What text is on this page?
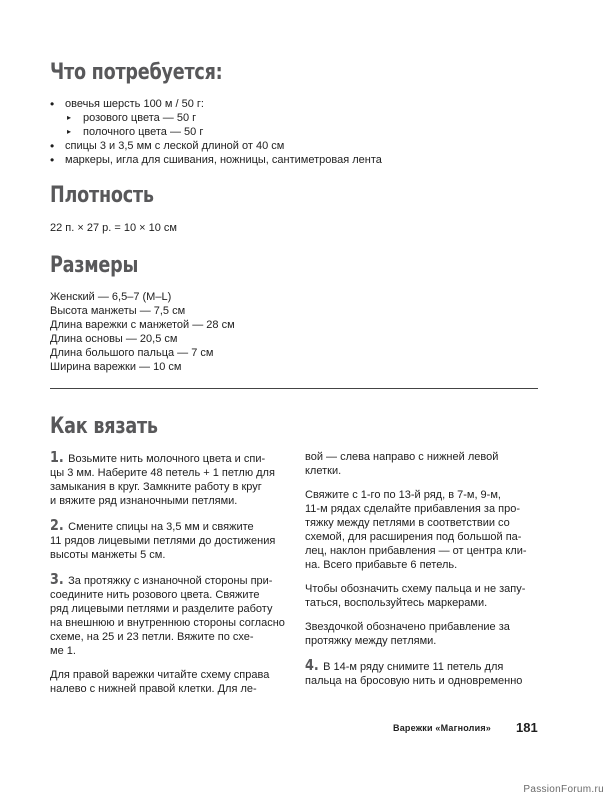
Что потребуется:
• овечья шерсть 100 м / 50 г:
▸ розового цвета — 50 г
▸ полочного цвета — 50 г
• спицы 3 и 3,5 мм с леской длиной от 40 см
• маркеры, игла для сшивания, ножницы, сантиметровая лента
Плотность
22 п. × 27 р. = 10 × 10 см
Размеры
Женский — 6,5–7 (M–L)
Высота манжеты — 7,5 см
Длина варежки с манжетой — 28 см
Длина основы — 20,5 см
Длина большого пальца — 7 см
Ширина варежки — 10 см
Как вязать

1. Возьмите нить молочного цвета и спи-
цы 3 мм. Наберите 48 петель + 1 петлю для
замыкания в круг. Замкните работу в круг
и вяжите ряд изнаночными петлями.

2. Смените спицы на 3,5 мм и свяжите
11 рядов лицевыми петлями до достижения
высоты манжеты 5 см.

3. За протяжку с изнаночной стороны при-
соедините нить розового цвета. Свяжите
ряд лицевыми петлями и разделите работу
на внешнюю и внутреннюю стороны согласно
схеме, на 25 и 23 петли. Вяжите по схе-
ме 1.

Для правой варежки читайте схему справа
налево с нижней правой клетки. Для ле-

вой — слева направо с нижней левой
клетки.

Свяжите с 1-го по 13-й ряд, в 7-м, 9-м,
11-м рядах сделайте прибавления за про-
тяжку между петлями в соответствии со
схемой, для расширения под большой па-
лец, наклон прибавления — от центра кли-
на. Всего прибавьте 6 петель.

Чтобы обозначить схему пальца и не запу-
таться, воспользуйтесь маркерами.

Звездочкой обозначено прибавление за
протяжку между петлями.

4. В 14-м ряду снимите 11 петель для
пальца на бросовую нить и одновременно

Варежки «Магнолия» 181
PassionForum.ru
